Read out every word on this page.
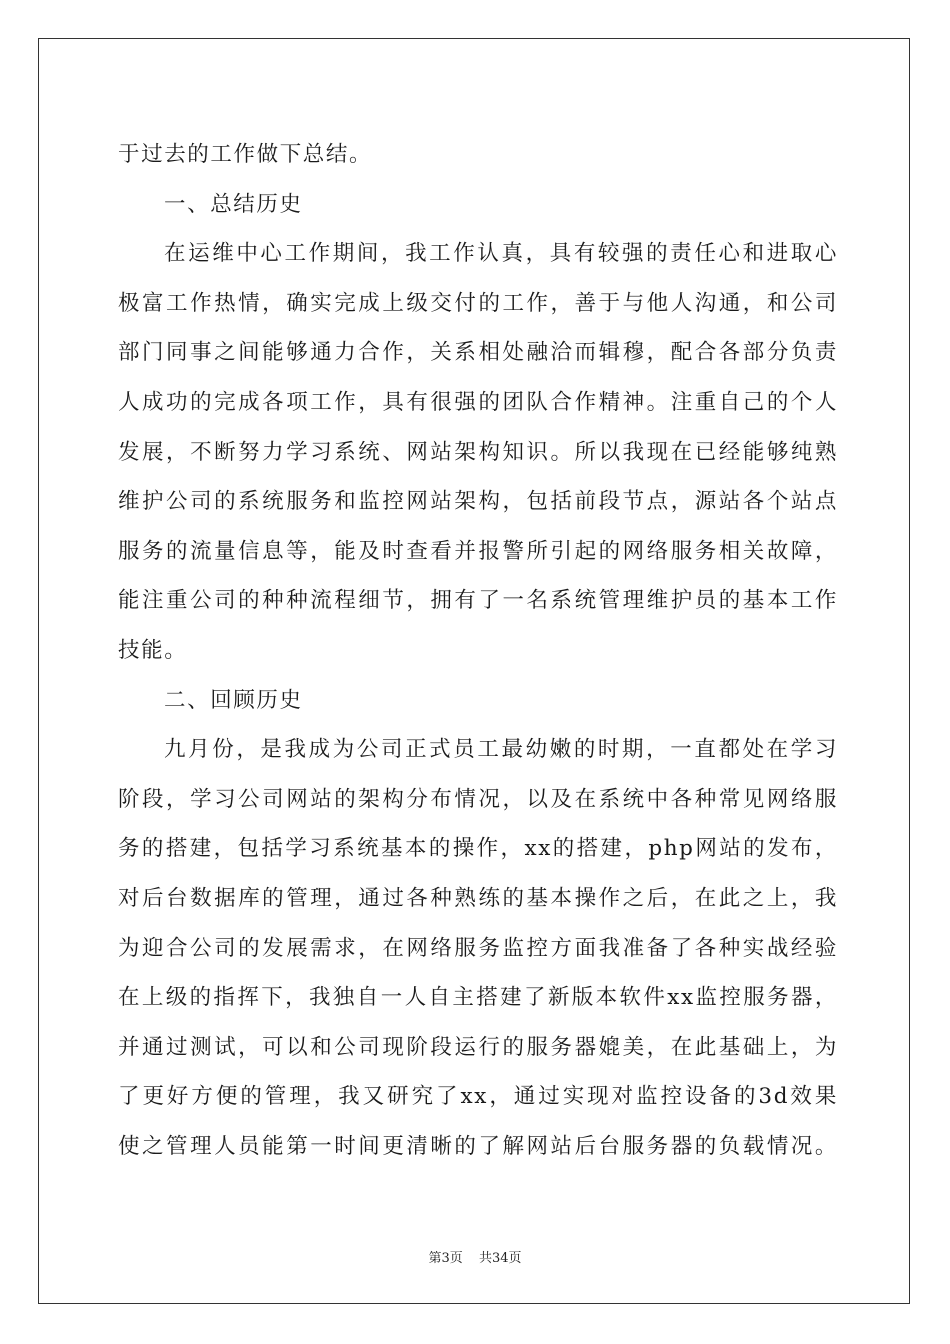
于过去的工作做下总结。
一、总结历史
在运维中心工作期间，我工作认真，具有较强的责任心和进取心
极富工作热情，确实完成上级交付的工作，善于与他人沟通，和公司
部门同事之间能够通力合作，关系相处融洽而辑穆，配合各部分负责
人成功的完成各项工作，具有很强的团队合作精神。注重自己的个人
发展，不断努力学习系统、网站架构知识。所以我现在已经能够纯熟
维护公司的系统服务和监控网站架构，包括前段节点，源站各个站点
服务的流量信息等，能及时查看并报警所引起的网络服务相关故障，
能注重公司的种种流程细节，拥有了一名系统管理维护员的基本工作
技能。
二、回顾历史
九月份，是我成为公司正式员工最幼嫩的时期，一直都处在学习
阶段，学习公司网站的架构分布情况，以及在系统中各种常见网络服
务的搭建，包括学习系统基本的操作，xx的搭建，php网站的发布，
对后台数据库的管理，通过各种熟练的基本操作之后，在此之上，我
为迎合公司的发展需求，在网络服务监控方面我准备了各种实战经验
在上级的指挥下，我独自一人自主搭建了新版本软件xx监控服务器，
并通过测试，可以和公司现阶段运行的服务器媲美，在此基础上，为
了更好方便的管理，我又研究了xx，通过实现对监控设备的3d效果
使之管理人员能第一时间更清晰的了解网站后台服务器的负载情况。
第3页 共34页
